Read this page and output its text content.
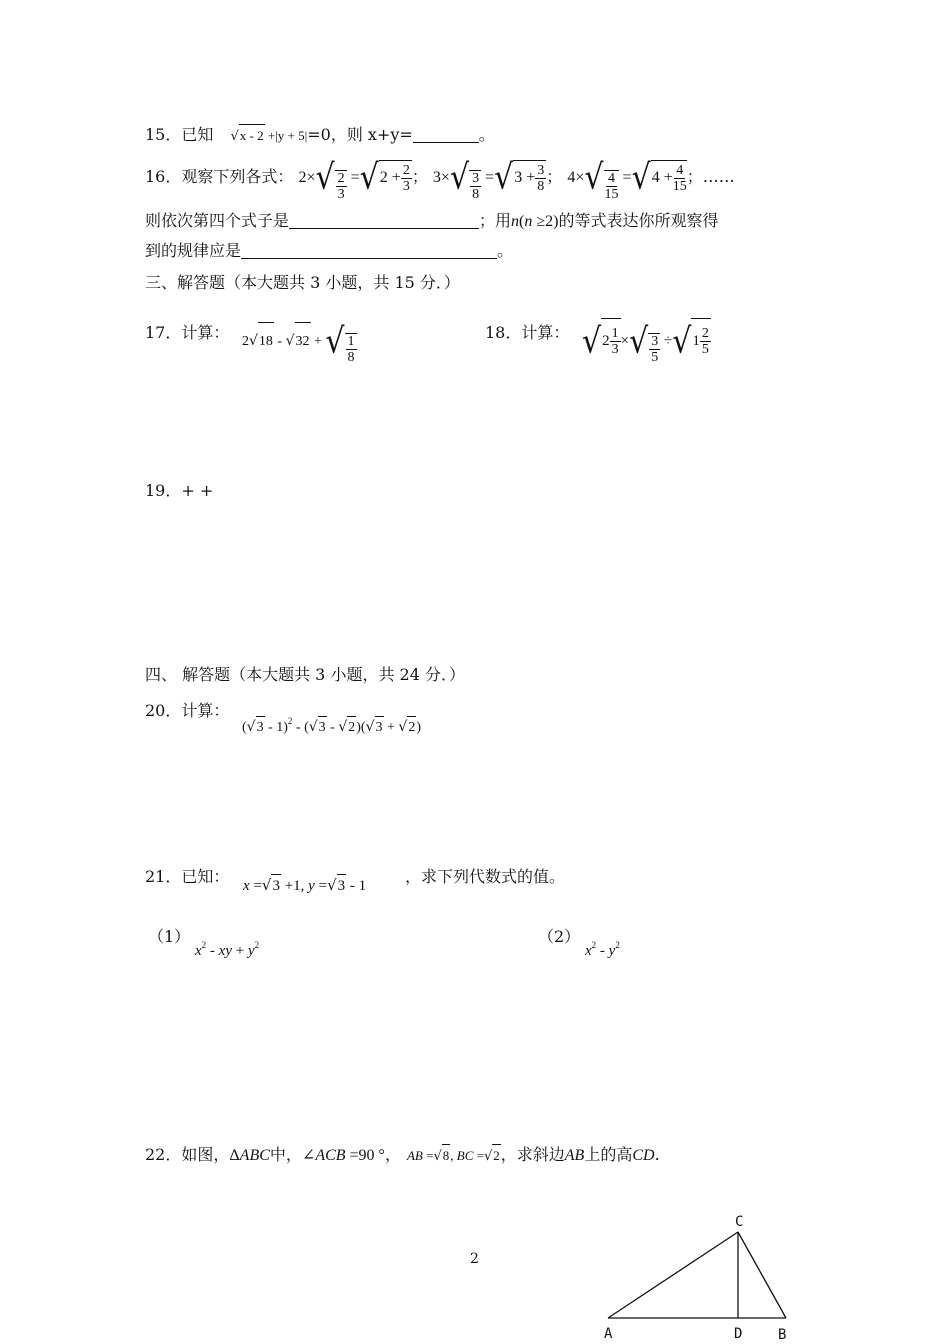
15．已知 √x - 2 +|y + 5|=0，则 x+y=	。
16．观察下列各式： 2×√ 2
3
=√2 + 2
3 ； 3×√ 3
8
=√3 + 3
8 ； 4×√ 4
15
=√4 + 4
15 ；……
则依次第四个式子是	；用n(n ≥2)的等式表达你所观察得
到的规律应是	。
三、解答题（本大题共 3 小题，共 15 分．）
17．计算： 2√18 - √32 + √ 1
8
18．计算： √2 1
3 ×√ 3
5
÷√1 2
5
19．+ +
四、 解答题（本大题共 3 小题，共 24 分．）
20．计算：
(√3 - 1)$^2$ - (√3 - √2)(√3 + √2)
21．已知： x =√3 +1, y =√3 - 1 ，求下列代数式的值。
（1）
$x^2$ - xy + $y^2$	（2）
$x^2 - y^2$
22．如图，ΔABC中，∠ACB =90 °， AB =√8, BC =√2，求斜边AB上的高CD.
2
C
A	D	B
